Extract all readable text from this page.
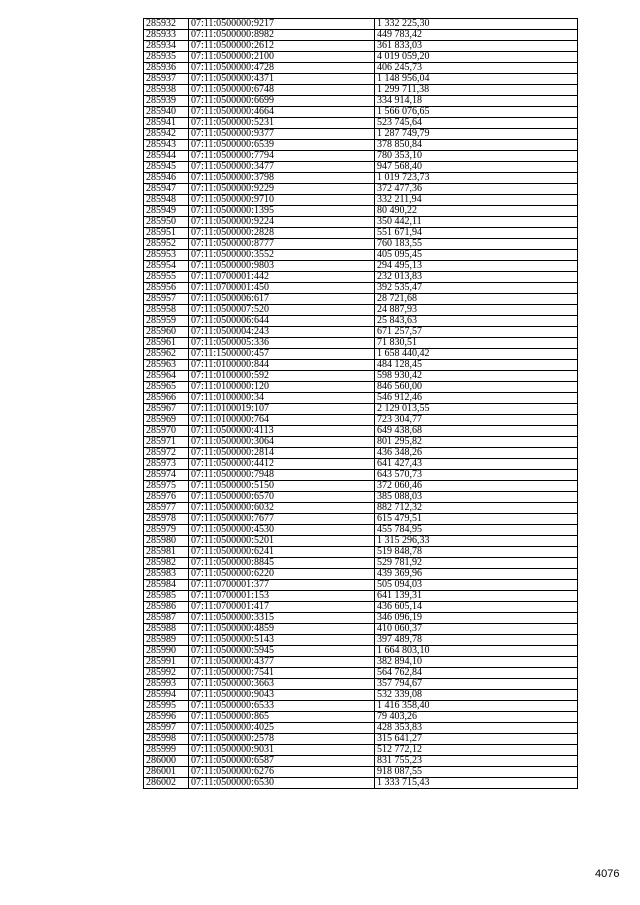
285932	07:11:0500000:9217	1 332 225,30
285933	07:11:0500000:8982	449 783,42
285934	07:11:0500000:2612	361 833,03
285935	07:11:0500000:2100	4 019 059,20
285936	07:11:0500000:4728	406 245,73
285937	07:11:0500000:4371	1 148 956,04
285938	07:11:0500000:6748	1 299 711,38
285939	07:11:0500000:6699	334 914,18
285940	07:11:0500000:4664	1 566 076,65
285941	07:11:0500000:5231	523 745,64
285942	07:11:0500000:9377	1 287 749,79
285943	07:11:0500000:6539	378 850,84
285944	07:11:0500000:7794	780 353,10
285945	07:11:0500000:3477	947 568,40
285946	07:11:0500000:3798	1 019 723,73
285947	07:11:0500000:9229	372 477,36
285948	07:11:0500000:9710	332 211,94
285949	07:11:0500000:1395	80 490,22
285950	07:11:0500000:9224	350 442,11
285951	07:11:0500000:2828	551 671,94
285952	07:11:0500000:8777	760 183,55
285953	07:11:0500000:3552	405 095,45
285954	07:11:0500000:9803	294 495,13
285955	07:11:0700001:442	232 013,83
285956	07:11:0700001:450	392 535,47
285957	07:11:0500006:617	28 721,68
285958	07:11:0500007:520	24 887,93
285959	07:11:0500006:644	25 843,63
285960	07:11:0500004:243	671 257,57
285961	07:11:0500005:336	71 830,51
285962	07:11:1500000:457	1 658 440,42
285963	07:11:0100000:844	484 128,45
285964	07:11:0100000:592	598 930,42
285965	07:11:0100000:120	846 560,00
285966	07:11:0100000:34	546 912,46
285967	07:11:0100019:107	2 129 013,55
285969	07:11:0100000:764	723 304,77
285970	07:11:0500000:4113	649 438,68
285971	07:11:0500000:3064	801 295,82
285972	07:11:0500000:2814	436 348,26
285973	07:11:0500000:4412	641 427,43
285974	07:11:0500000:7948	643 570,73
285975	07:11:0500000:5150	372 060,46
285976	07:11:0500000:6570	385 088,03
285977	07:11:0500000:6032	882 712,32
285978	07:11:0500000:7677	615 479,51
285979	07:11:0500000:4530	455 784,95
285980	07:11:0500000:5201	1 315 296,33
285981	07:11:0500000:6241	519 848,78
285982	07:11:0500000:8845	529 781,92
285983	07:11:0500000:6220	439 369,96
285984	07:11:0700001:377	505 094,03
285985	07:11:0700001:153	641 139,31
285986	07:11:0700001:417	436 605,14
285987	07:11:0500000:3315	346 096,19
285988	07:11:0500000:4859	410 060,37
285989	07:11:0500000:5143	397 489,78
285990	07:11:0500000:5945	1 664 803,10
285991	07:11:0500000:4377	382 894,10
285992	07:11:0500000:7541	564 762,84
285993	07:11:0500000:3663	357 794,67
285994	07:11:0500000:9043	532 339,08
285995	07:11:0500000:6533	1 416 358,40
285996	07:11:0500000:865	79 403,26
285997	07:11:0500000:4025	428 353,83
285998	07:11:0500000:2578	315 641,27
285999	07:11:0500000:9031	512 772,12
286000	07:11:0500000:6587	831 755,23
286001	07:11:0500000:6276	918 087,55
286002	07:11:0500000:6530	1 333 715,43
4076
